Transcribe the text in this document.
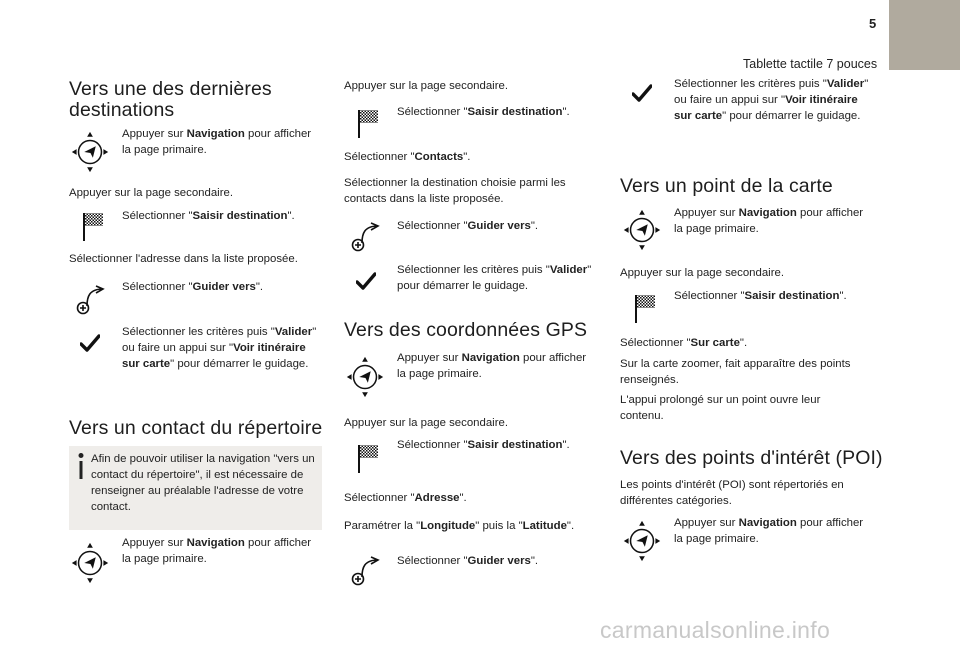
5
Tablette tactile 7 pouces
Vers une des dernières destinations
Appuyer sur Navigation pour afficher la page primaire.
Appuyer sur la page secondaire.
Sélectionner "Saisir destination".
Sélectionner l'adresse dans la liste proposée.
Sélectionner "Guider vers".
Sélectionner les critères puis "Valider" ou faire un appui sur "Voir itinéraire sur carte" pour démarrer le guidage.
Vers un contact du répertoire
Afin de pouvoir utiliser la navigation "vers un contact du répertoire", il est nécessaire de renseigner au préalable l'adresse de votre contact.
Appuyer sur Navigation pour afficher la page primaire.
Appuyer sur la page secondaire.
Sélectionner "Saisir destination".
Sélectionner "Contacts".
Sélectionner la destination choisie parmi les contacts dans la liste proposée.
Sélectionner "Guider vers".
Sélectionner les critères puis "Valider" pour démarrer le guidage.
Vers des coordonnées GPS
Appuyer sur Navigation pour afficher la page primaire.
Appuyer sur la page secondaire.
Sélectionner "Saisir destination".
Sélectionner "Adresse".
Paramétrer la "Longitude" puis la "Latitude".
Sélectionner "Guider vers".
Sélectionner les critères puis "Valider" ou faire un appui sur "Voir itinéraire sur carte" pour démarrer le guidage.
Vers un point de la carte
Appuyer sur Navigation pour afficher la page primaire.
Appuyer sur la page secondaire.
Sélectionner "Saisir destination".
Sélectionner "Sur carte".
Sur la carte zoomer, fait apparaître des points renseignés.
L'appui prolongé sur un point ouvre leur contenu.
Vers des points d'intérêt (POI)
Les points d'intérêt (POI) sont répertoriés en différentes catégories.
Appuyer sur Navigation pour afficher la page primaire.
carmanualsonline.info
